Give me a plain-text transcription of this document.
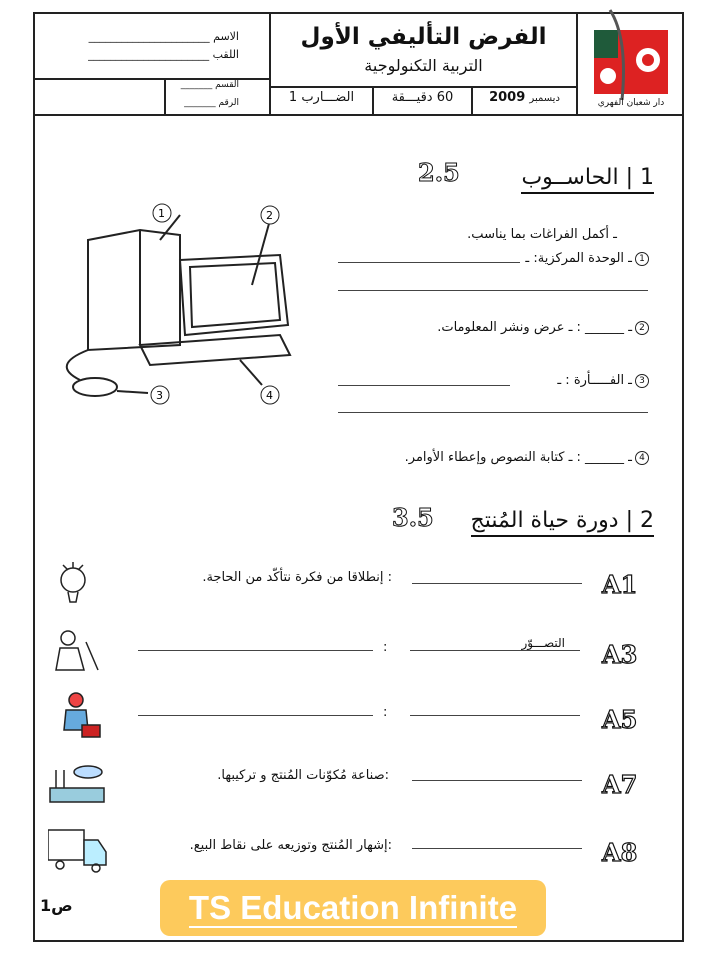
الاسم ______________________
اللقب ______________________
القسم _______
الرقم _______
الفرض التأليفي الأول
التربية التكنولوجية
ديسمبر 2009
60 دقيـــقة
الضـــارب 1	دار شعبان الفهري
1 | الحاســوب
2.5
ـ أكمل الفراغات بما يناسب.
1ـ الوحدة المركزية: ـ
2ـ ______ : ـ عرض ونشر المعلومات.
3ـ الفـــــأرة : ـ
4ـ ______ : ـ كتابة النصوص وإعطاء الأوامر.
1	2
3	4
2 | دورة حياة المُنتج
3.5
A1
: إنطلاقا من فكرة نتأكّد من الحاجة.
A3
التصـــوّر
:
A5
:
A7
:صناعة مُكوّنات المُنتج و تركيبها.
A8
:إشهار المُنتج وتوزيعه على نقاط البيع.
ص1	TS Education Infinite
